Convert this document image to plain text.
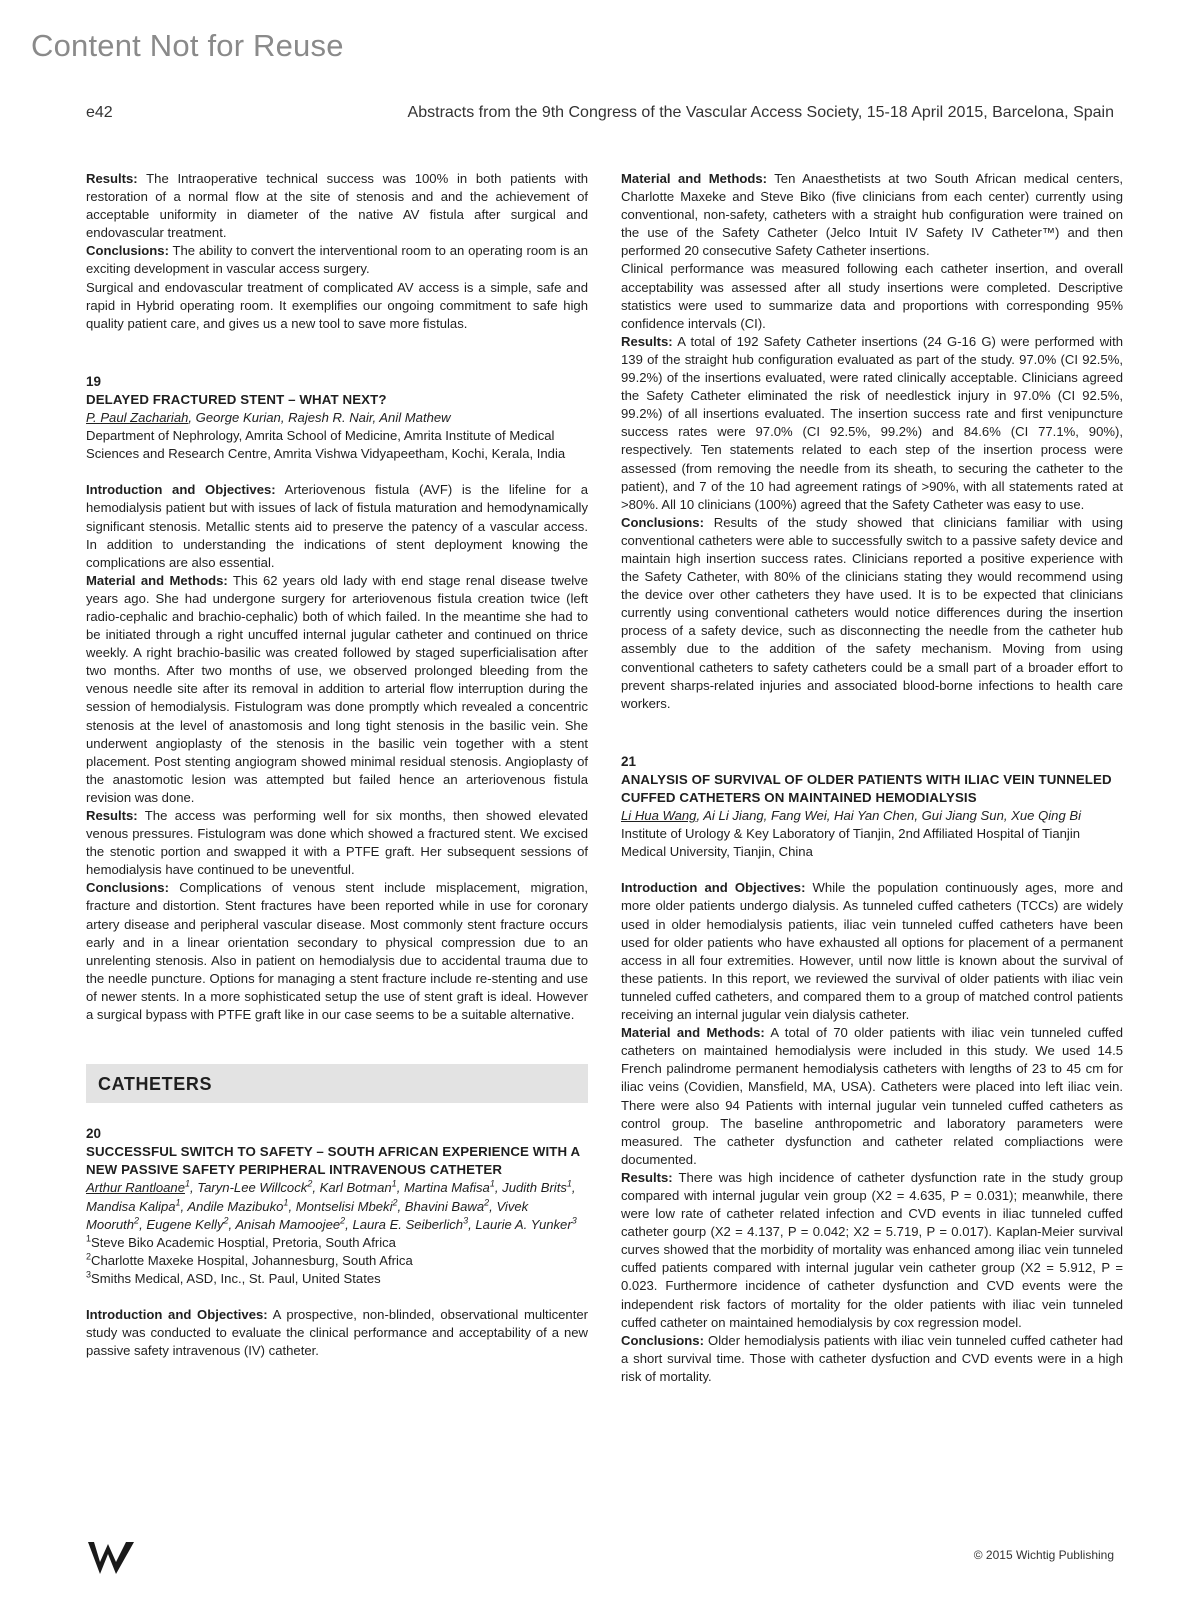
Content Not for Reuse
e42	Abstracts from the 9th Congress of the Vascular Access Society, 15-18 April 2015, Barcelona, Spain

Results: The Intraoperative technical success was 100% in both patients with restoration of a normal flow at the site of stenosis and and the achievement of acceptable uniformity in diameter of the native AV fistula after surgical and endovascular treatment.

Conclusions: The ability to convert the interventional room to an operating room is an exciting development in vascular access surgery.

Surgical and endovascular treatment of complicated AV access is a simple, safe and rapid in Hybrid operating room. It exemplifies our ongoing commitment to safe high quality patient care, and gives us a new tool to save more fistulas.

19

DELAYED FRACTURED STENT – WHAT NEXT?

P. Paul Zachariah, George Kurian, Rajesh R. Nair, Anil Mathew

Department of Nephrology, Amrita School of Medicine, Amrita Institute of Medical Sciences and Research Centre, Amrita Vishwa Vidyapeetham, Kochi, Kerala, India

Introduction and Objectives: Arteriovenous fistula (AVF) is the lifeline for a hemodialysis patient but with issues of lack of fistula maturation and hemodynamically significant stenosis. Metallic stents aid to preserve the patency of a vascular access. In addition to understanding the indications of stent deployment knowing the complications are also essential.

Material and Methods: This 62 years old lady with end stage renal disease twelve years ago. She had undergone surgery for arteriovenous fistula creation twice (left radio-cephalic and brachio-cephalic) both of which failed. In the meantime she had to be initiated through a right uncuffed internal jugular catheter and continued on thrice weekly. A right brachio-basilic was created followed by staged superficialisation after two months. After two months of use, we observed prolonged bleeding from the venous needle site after its removal in addition to arterial flow interruption during the session of hemodialysis. Fistulogram was done promptly which revealed a concentric stenosis at the level of anastomosis and long tight stenosis in the basilic vein. She underwent angioplasty of the stenosis in the basilic vein together with a stent placement. Post stenting angiogram showed minimal residual stenosis. Angioplasty of the anastomotic lesion was attempted but failed hence an arteriovenous fistula revision was done.

Results: The access was performing well for six months, then showed elevated venous pressures. Fistulogram was done which showed a fractured stent. We excised the stenotic portion and swapped it with a PTFE graft. Her subsequent sessions of hemodialysis have continued to be uneventful.

Conclusions: Complications of venous stent include misplacement, migration, fracture and distortion. Stent fractures have been reported while in use for coronary artery disease and peripheral vascular disease. Most commonly stent fracture occurs early and in a linear orientation secondary to physical compression due to an unrelenting stenosis. Also in patient on hemodialysis due to accidental trauma due to the needle puncture. Options for managing a stent fracture include re-stenting and use of newer stents. In a more sophisticated setup the use of stent graft is ideal. However a surgical bypass with PTFE graft like in our case seems to be a suitable alternative.

CATHETERS

20

SUCCESSFUL SWITCH TO SAFETY – SOUTH AFRICAN EXPERIENCE WITH A NEW PASSIVE SAFETY PERIPHERAL INTRAVENOUS CATHETER

Arthur Rantloane$^1$, Taryn-Lee Willcock$^2$, Karl Botman$^1$, Martina Mafisa$^1$, Judith Brits$^1$, Mandisa Kalipa$^1$, Andile Mazibuko$^1$, Montselisi Mbeki$^2$, Bhavini Bawa$^2$, Vivek Mooruth$^2$, Eugene Kelly$^2$, Anisah Mamoojee$^2$, Laura E. Seiberlich$^3$, Laurie A. Yunker$^3$

$^1$Steve Biko Academic Hosptial, Pretoria, South Africa

$^2$Charlotte Maxeke Hospital, Johannesburg, South Africa

$^3$Smiths Medical, ASD, Inc., St. Paul, United States

Introduction and Objectives: A prospective, non-blinded, observational multicenter study was conducted to evaluate the clinical performance and acceptability of a new passive safety intravenous (IV) catheter.

Material and Methods: Ten Anaesthetists at two South African medical centers, Charlotte Maxeke and Steve Biko (five clinicians from each center) currently using conventional, non-safety, catheters with a straight hub configuration were trained on the use of the Safety Catheter (Jelco Intuit IV Safety IV Catheter™) and then performed 20 consecutive Safety Catheter insertions.

Clinical performance was measured following each catheter insertion, and overall acceptability was assessed after all study insertions were completed. Descriptive statistics were used to summarize data and proportions with corresponding 95% confidence intervals (CI).

Results: A total of 192 Safety Catheter insertions (24 G-16 G) were performed with 139 of the straight hub configuration evaluated as part of the study. 97.0% (CI 92.5%, 99.2%) of the insertions evaluated, were rated clinically acceptable. Clinicians agreed the Safety Catheter eliminated the risk of needlestick injury in 97.0% (CI 92.5%, 99.2%) of all insertions evaluated. The insertion success rate and first venipuncture success rates were 97.0% (CI 92.5%, 99.2%) and 84.6% (CI 77.1%, 90%), respectively. Ten statements related to each step of the insertion process were assessed (from removing the needle from its sheath, to securing the catheter to the patient), and 7 of the 10 had agreement ratings of >90%, with all statements rated at >80%. All 10 clinicians (100%) agreed that the Safety Catheter was easy to use.

Conclusions: Results of the study showed that clinicians familiar with using conventional catheters were able to successfully switch to a passive safety device and maintain high insertion success rates. Clinicians reported a positive experience with the Safety Catheter, with 80% of the clinicians stating they would recommend using the device over other catheters they have used. It is to be expected that clinicians currently using conventional catheters would notice differences during the insertion process of a safety device, such as disconnecting the needle from the catheter hub assembly due to the addition of the safety mechanism. Moving from using conventional catheters to safety catheters could be a small part of a broader effort to prevent sharps-related injuries and associated blood-borne infections to health care workers.

21

ANALYSIS OF SURVIVAL OF OLDER PATIENTS WITH ILIAC VEIN TUNNELED CUFFED CATHETERS ON MAINTAINED HEMODIALYSIS

Li Hua Wang, Ai Li Jiang, Fang Wei, Hai Yan Chen, Gui Jiang Sun, Xue Qing Bi

Institute of Urology & Key Laboratory of Tianjin, 2nd Affiliated Hospital of Tianjin Medical University, Tianjin, China

Introduction and Objectives: While the population continuously ages, more and more older patients undergo dialysis. As tunneled cuffed catheters (TCCs) are widely used in older hemodialysis patients, iliac vein tunneled cuffed catheters have been used for older patients who have exhausted all options for placement of a permanent access in all four extremities. However, until now little is known about the survival of these patients. In this report, we reviewed the survival of older patients with iliac vein tunneled cuffed catheters, and compared them to a group of matched control patients receiving an internal jugular vein dialysis catheter.

Material and Methods: A total of 70 older patients with iliac vein tunneled cuffed catheters on maintained hemodialysis were included in this study. We used 14.5 French palindrome permanent hemodialysis catheters with lengths of 23 to 45 cm for iliac veins (Covidien, Mansfield, MA, USA). Catheters were placed into left iliac vein. There were also 94 Patients with internal jugular vein tunneled cuffed catheters as control group. The baseline anthropometric and laboratory parameters were measured. The catheter dysfunction and catheter related compliactions were documented.

Results: There was high incidence of catheter dysfunction rate in the study group compared with internal jugular vein group (X2 = 4.635, P = 0.031); meanwhile, there were low rate of catheter related infection and CVD events in iliac tunneled cuffed catheter gourp (X2 = 4.137, P = 0.042; X2 = 5.719, P = 0.017). Kaplan-Meier survival curves showed that the morbidity of mortality was enhanced among iliac vein tunneled cuffed patients compared with internal jugular vein catheter group (X2 = 5.912, P = 0.023. Furthermore incidence of catheter dysfunction and CVD events were the independent risk factors of mortality for the older patients with iliac vein tunneled cuffed catheter on maintained hemodialysis by cox regression model.

Conclusions: Older hemodialysis patients with iliac vein tunneled cuffed catheter had a short survival time. Those with catheter dysfuction and CVD events were in a high risk of mortality.

© 2015 Wichtig Publishing
